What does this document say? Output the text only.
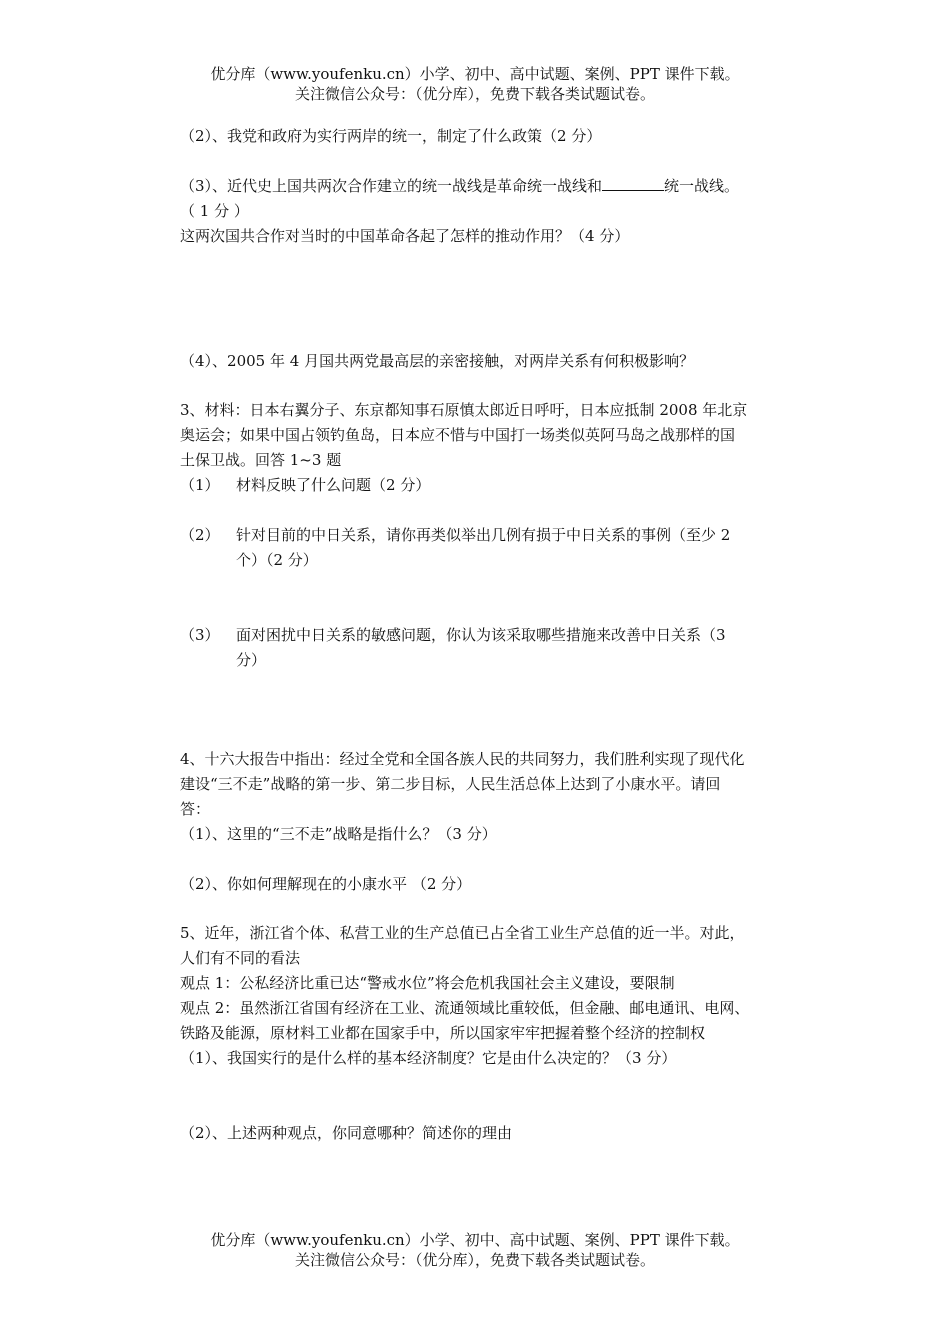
优分库（www.youfenku.cn）小学、初中、高中试题、案例、PPT 课件下载。
关注微信公众号：（优分库），免费下载各类试题试卷。
（2）、我党和政府为实行两岸的统一，制定了什么政策（2 分）
（3）、近代史上国共两次合作建立的统一战线是革命统一战线和	统一战线。
（ 1 分 ）
这两次国共合作对当时的中国革命各起了怎样的推动作用？（4 分）
（4）、2005 年 4 月国共两党最高层的亲密接触，对两岸关系有何积极影响？
3、材料：日本右翼分子、东京都知事石原慎太郎近日呼吁，日本应抵制 2008 年北京
奥运会；如果中国占领钓鱼岛，日本应不惜与中国打一场类似英阿马岛之战那样的国
土保卫战。回答 1~3 题
（1）	材料反映了什么问题（2 分）
（2）	针对目前的中日关系，请你再类似举出几例有损于中日关系的事例（至少 2
个）（2 分）
（3）	面对困扰中日关系的敏感问题，你认为该采取哪些措施来改善中日关系（3
分）
4、十六大报告中指出：经过全党和全国各族人民的共同努力，我们胜利实现了现代化
建设“三不走”战略的第一步、第二步目标，人民生活总体上达到了小康水平。请回
答：
（1）、这里的“三不走”战略是指什么？（3 分）
（2）、你如何理解现在的小康水平 （2 分）
5、近年，浙江省个体、私营工业的生产总值已占全省工业生产总值的近一半。对此，
人们有不同的看法
观点 1：公私经济比重已达“警戒水位”将会危机我国社会主义建设，要限制
观点 2：虽然浙江省国有经济在工业、流通领域比重较低，但金融、邮电通讯、电网、
铁路及能源，原材料工业都在国家手中，所以国家牢牢把握着整个经济的控制权
（1）、我国实行的是什么样的基本经济制度？它是由什么决定的？（3 分）
（2）、上述两种观点，你同意哪种？简述你的理由
优分库（www.youfenku.cn）小学、初中、高中试题、案例、PPT 课件下载。
关注微信公众号：（优分库），免费下载各类试题试卷。
